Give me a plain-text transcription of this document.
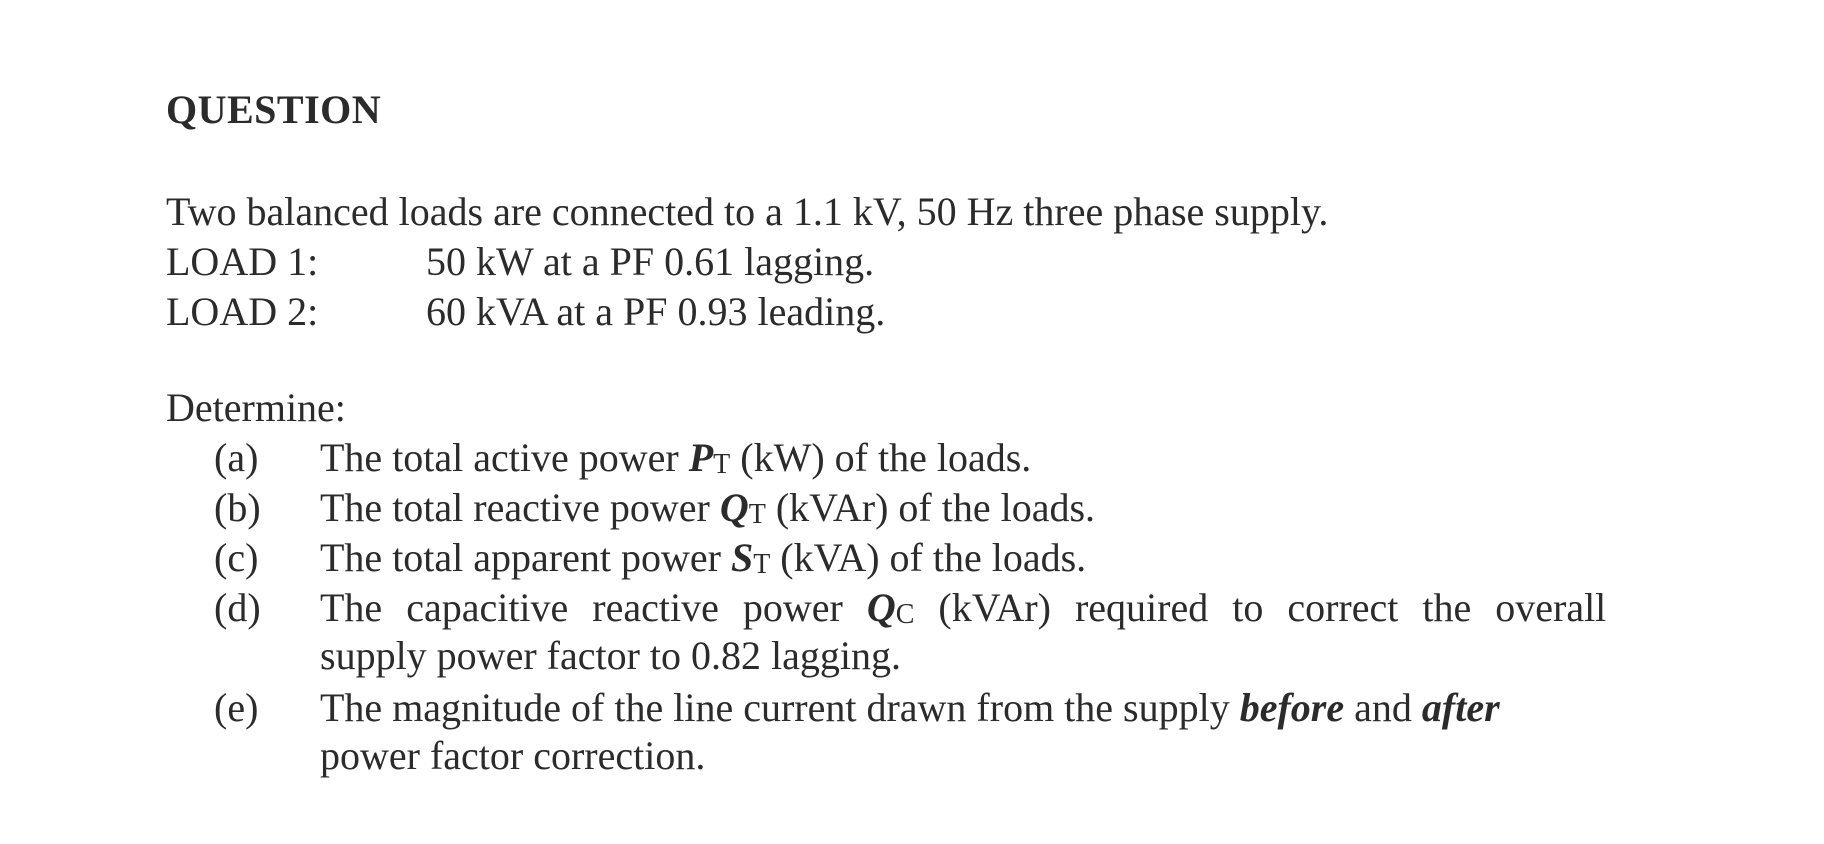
QUESTION
Two balanced loads are connected to a 1.1 kV, 50 Hz three phase supply.
LOAD 1:	50 kW at a PF 0.61 lagging.
LOAD 2:	60 kVA at a PF 0.93 leading.
Determine:
(a) The total active power PT (kW) of the loads.
(b) The total reactive power QT (kVAr) of the loads.
(c) The total apparent power ST (kVA) of the loads.
(d) The capacitive reactive power QC (kVAr) required to correct the overall
supply power factor to 0.82 lagging.
(e) The magnitude of the line current drawn from the supply before and after
power factor correction.
